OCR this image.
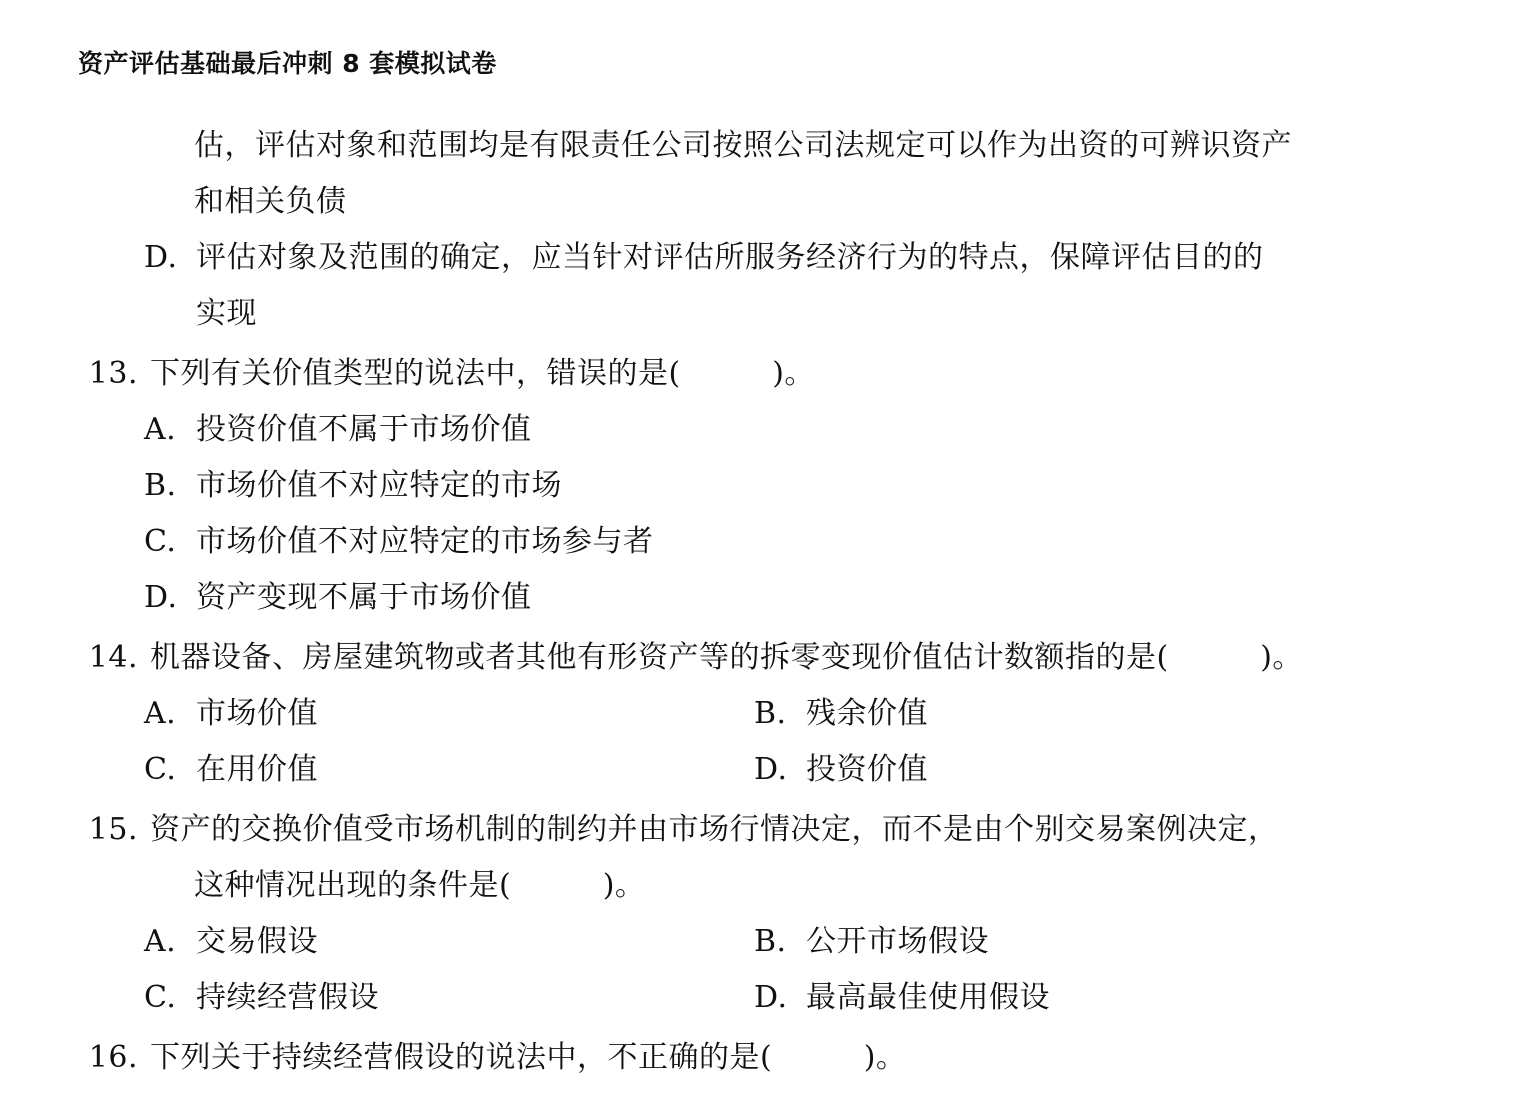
资产评估基础最后冲刺 8 套模拟试卷
估，评估对象和范围均是有限责任公司按照公司法规定可以作为出资的可辨识资产
和相关负债
D. 评估对象及范围的确定，应当针对评估所服务经济行为的特点，保障评估目的的
实现
13. 下列有关价值类型的说法中，错误的是(　　　)。
A. 投资价值不属于市场价值
B. 市场价值不对应特定的市场
C. 市场价值不对应特定的市场参与者
D. 资产变现不属于市场价值
14. 机器设备、房屋建筑物或者其他有形资产等的拆零变现价值估计数额指的是(　　　)。
A. 市场价值	B. 残余价值
C. 在用价值	D. 投资价值
15. 资产的交换价值受市场机制的制约并由市场行情决定，而不是由个别交易案例决定，
这种情况出现的条件是(　　　)。
A. 交易假设	B. 公开市场假设
C. 持续经营假设	D. 最高最佳使用假设
16. 下列关于持续经营假设的说法中，不正确的是(　　　)。
